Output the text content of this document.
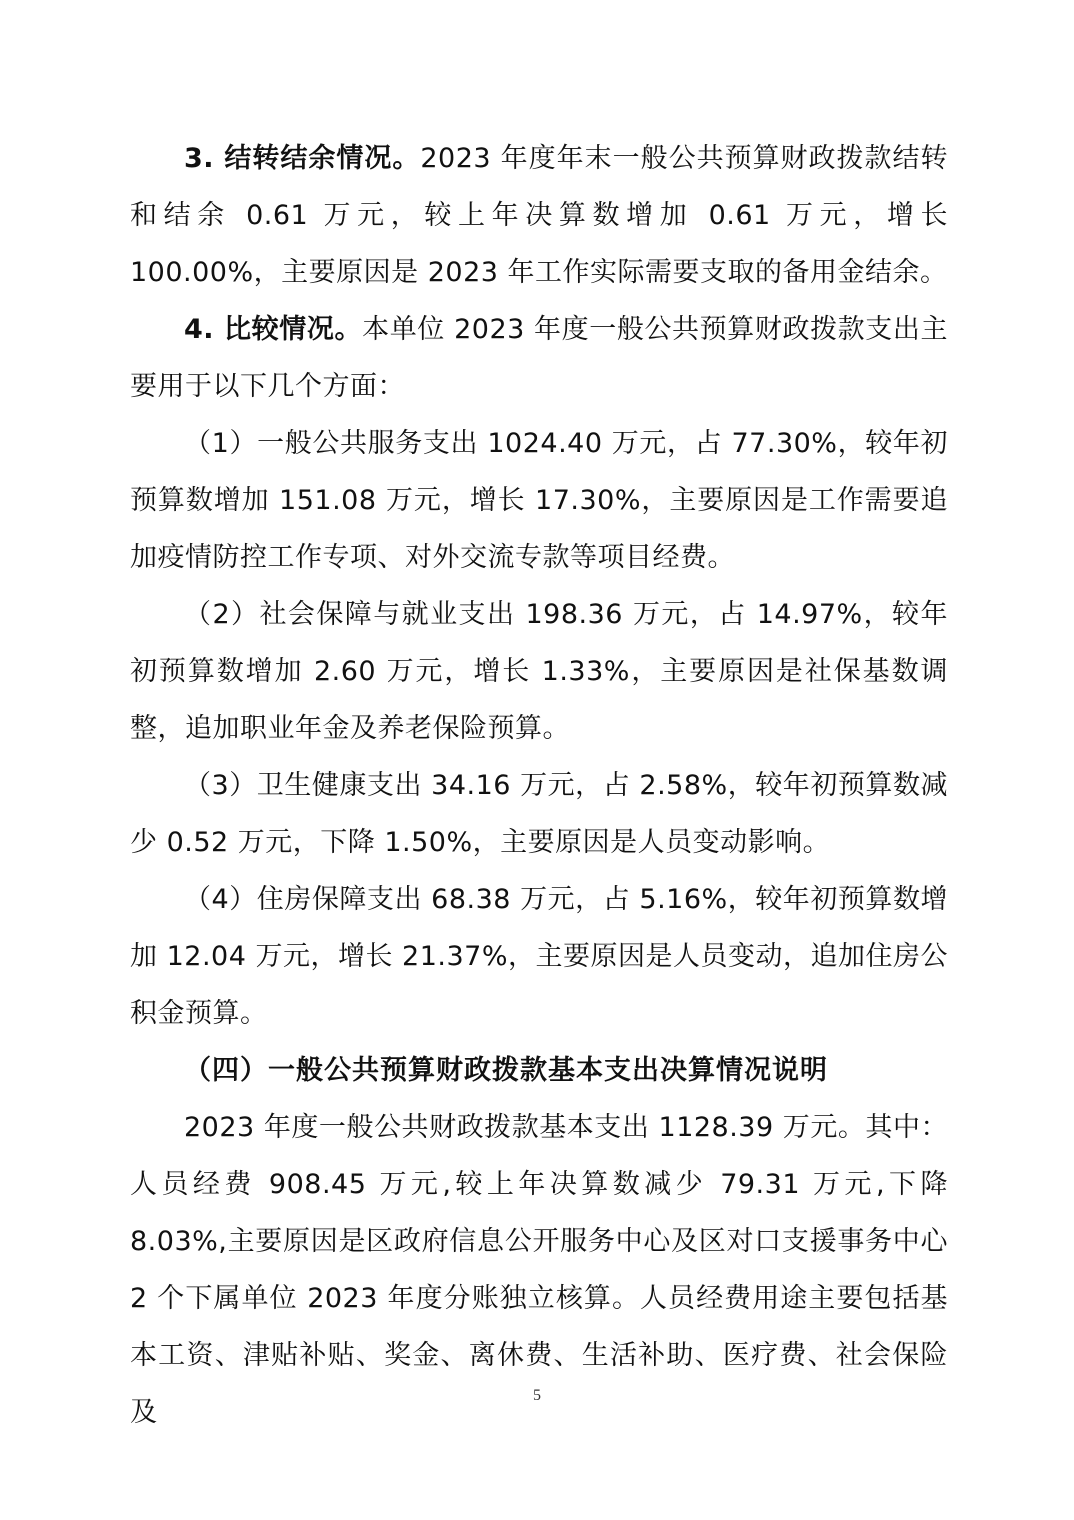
3. 结转结余情况。2023 年度年末一般公共预算财政拨款结转和结余 0.61 万元，较上年决算数增加 0.61 万元，增长 100.00%，主要原因是 2023 年工作实际需要支取的备用金结余。

4. 比较情况。本单位 2023 年度一般公共预算财政拨款支出主要用于以下几个方面：

（1）一般公共服务支出 1024.40 万元，占 77.30%，较年初预算数增加 151.08 万元，增长 17.30%，主要原因是工作需要追加疫情防控工作专项、对外交流专款等项目经费。

（2）社会保障与就业支出 198.36 万元，占 14.97%，较年初预算数增加 2.60 万元，增长 1.33%，主要原因是社保基数调整，追加职业年金及养老保险预算。

（3）卫生健康支出 34.16 万元，占 2.58%，较年初预算数减少 0.52 万元，下降 1.50%，主要原因是人员变动影响。

（4）住房保障支出 68.38 万元，占 5.16%，较年初预算数增加 12.04 万元，增长 21.37%，主要原因是人员变动，追加住房公积金预算。

（四）一般公共预算财政拨款基本支出决算情况说明

2023 年度一般公共财政拨款基本支出 1128.39 万元。其中：人员经费 908.45 万元,较上年决算数减少 79.31 万元,下降 8.03%,主要原因是区政府信息公开服务中心及区对口支援事务中心 2 个下属单位 2023 年度分账独立核算。人员经费用途主要包括基本工资、津贴补贴、奖金、离休费、生活补助、医疗费、社会保险及

5
